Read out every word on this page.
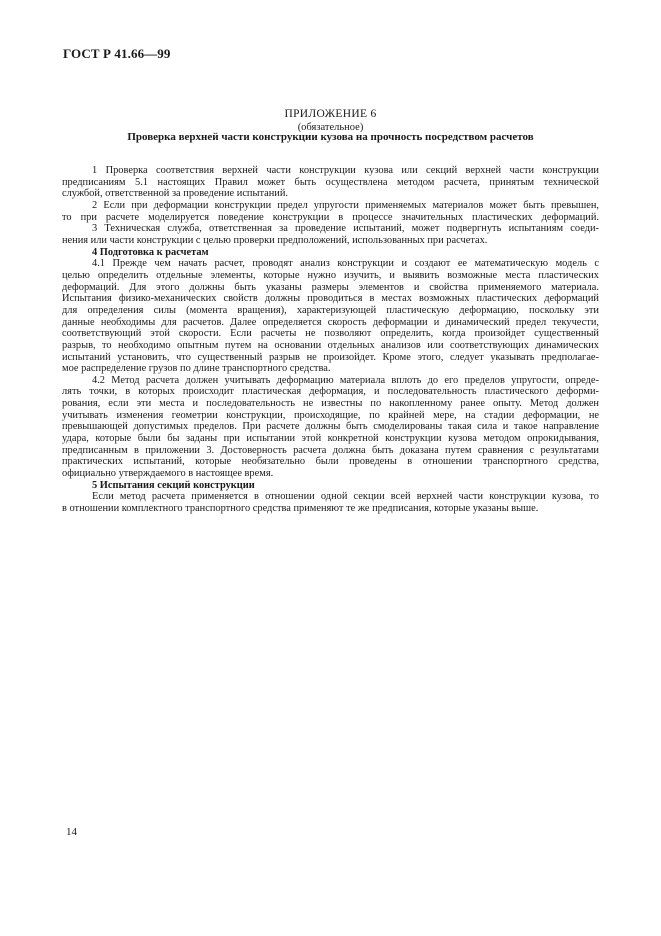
ГОСТ Р 41.66—99
ПРИЛОЖЕНИЕ 6
(обязательное)
Проверка верхней части конструкции кузова на прочность посредством расчетов
1 Проверка соответствия верхней части конструкции кузова или секций верхней части конструкции
предписаниям 5.1 настоящих Правил может быть осуществлена методом расчета, принятым технической
службой, ответственной за проведение испытаний.
2 Если при деформации конструкции предел упругости применяемых материалов может быть превышен,
то при расчете моделируется поведение конструкции в процессе значительных пластических деформаций.
3 Техническая служба, ответственная за проведение испытаний, может подвергнуть испытаниям соеди-
нения или части конструкции с целью проверки предположений, использованных при расчетах.
4 Подготовка к расчетам
4.1 Прежде чем начать расчет, проводят анализ конструкции и создают ее математическую модель с
целью определить отдельные элементы, которые нужно изучить, и выявить возможные места пластических
деформаций. Для этого должны быть указаны размеры элементов и свойства применяемого материала.
Испытания физико-механических свойств должны проводиться в местах возможных пластических деформаций
для определения силы (момента вращения), характеризующей пластическую деформацию, поскольку эти
данные необходимы для расчетов. Далее определяется скорость деформации и динамический предел текучести,
соответствующий этой скорости. Если расчеты не позволяют определить, когда произойдет существенный
разрыв, то необходимо опытным путем на основании отдельных анализов или соответствующих динамических
испытаний установить, что существенный разрыв не произойдет. Кроме этого, следует указывать предполагае-
мое распределение грузов по длине транспортного средства.
4.2 Метод расчета должен учитывать деформацию материала вплоть до его пределов упругости, опреде-
лять точки, в которых происходит пластическая деформация, и последовательность пластического деформи-
рования, если эти места и последовательность не известны по накопленному ранее опыту. Метод должен
учитывать изменения геометрии конструкции, происходящие, по крайней мере, на стадии деформации, не
превышающей допустимых пределов. При расчете должны быть смоделированы такая сила и такое направление
удара, которые были бы заданы при испытании этой конкретной конструкции кузова методом опрокидывания,
предписанным в приложении 3. Достоверность расчета должна быть доказана путем сравнения с результатами
практических испытаний, которые необязательно были проведены в отношении транспортного средства,
официально утверждаемого в настоящее время.
5 Испытания секций конструкции
Если метод расчета применяется в отношении одной секции всей верхней части конструкции кузова, то
в отношении комплектного транспортного средства применяют те же предписания, которые указаны выше.
14
